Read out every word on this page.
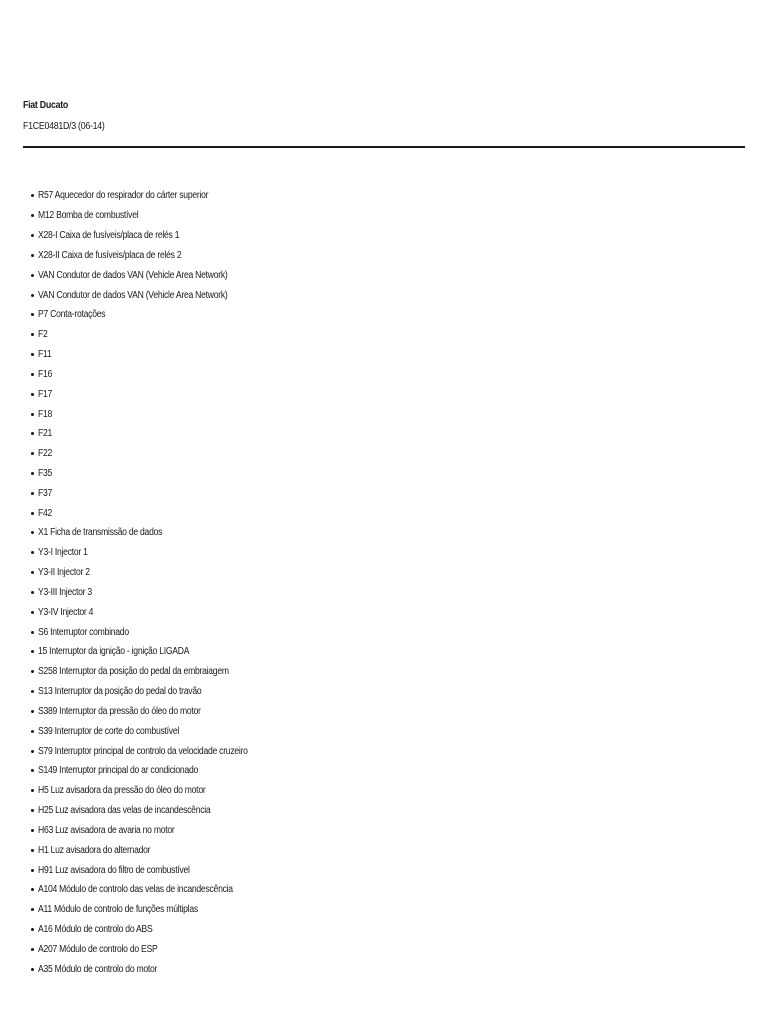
Fiat Ducato
F1CE0481D/3 (06-14)
R57 Aquecedor do respirador do cárter superior
M12 Bomba de combustível
X28-I Caixa de fusíveis/placa de relés 1
X28-II Caixa de fusíveis/placa de relés 2
VAN Condutor de dados VAN (Vehicle Area Network)
VAN Condutor de dados VAN (Vehicle Area Network)
P7 Conta-rotações
F2
F11
F16
F17
F18
F21
F22
F35
F37
F42
X1 Ficha de transmissão de dados
Y3-I Injector 1
Y3-II Injector 2
Y3-III Injector 3
Y3-IV Injector 4
S6 Interruptor combinado
15 Interruptor da ignição - ignição LIGADA
S258 Interruptor da posição do pedal da embraiagem
S13 Interruptor da posição do pedal do travão
S389 Interruptor da pressão do óleo do motor
S39 Interruptor de corte do combustível
S79 Interruptor principal de controlo da velocidade cruzeiro
S149 Interruptor principal do ar condicionado
H5 Luz avisadora da pressão do óleo do motor
H25 Luz avisadora das velas de incandescência
H63 Luz avisadora de avaria no motor
H1 Luz avisadora do alternador
H91 Luz avisadora do filtro de combustível
A104 Módulo de controlo das velas de incandescência
A11 Módulo de controlo de funções múltiplas
A16 Módulo de controlo do ABS
A207 Módulo de controlo do ESP
A35 Módulo de controlo do motor
